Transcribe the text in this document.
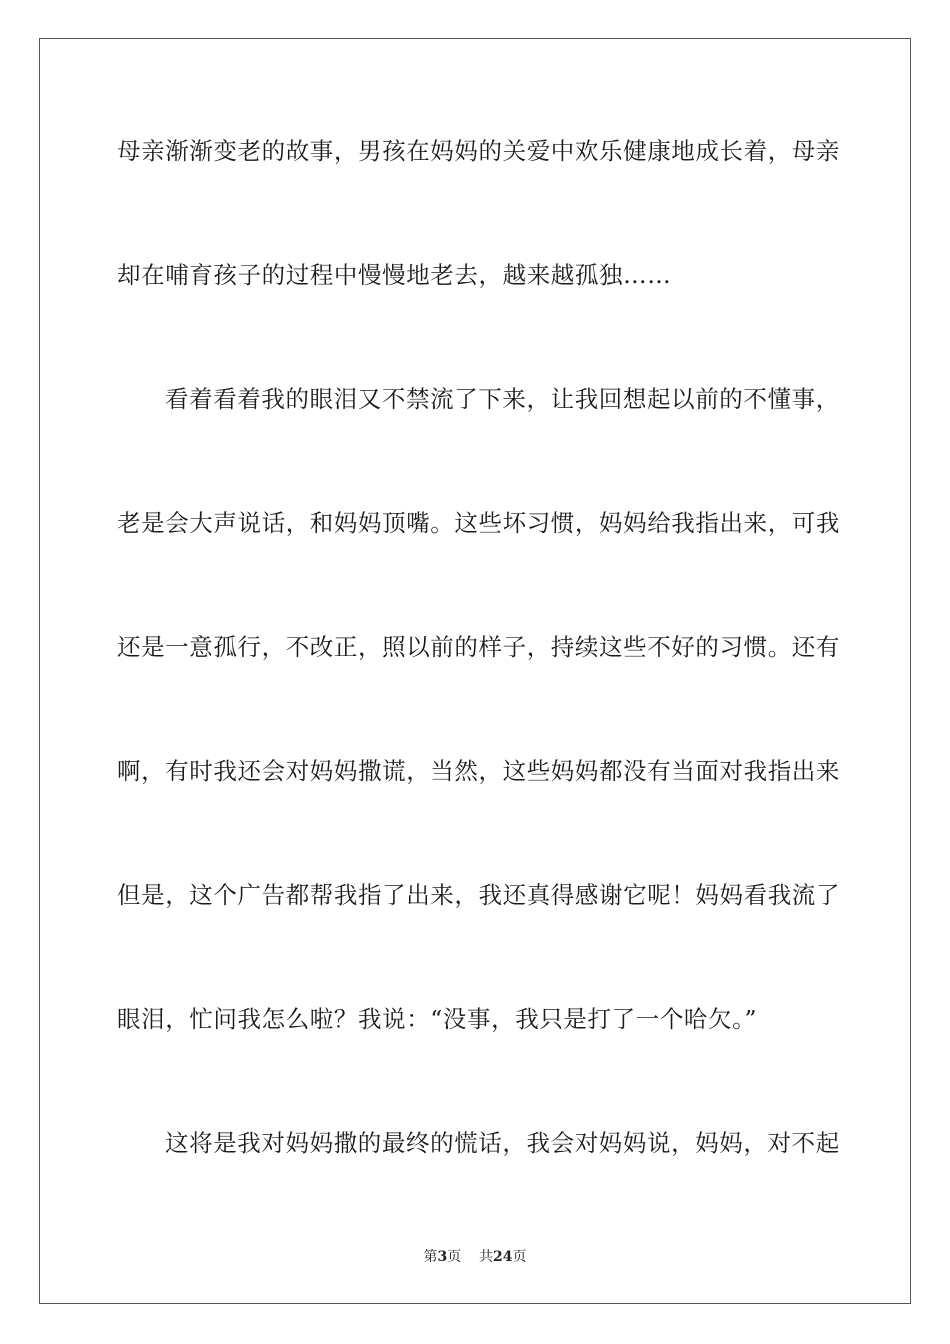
母亲渐渐变老的故事，男孩在妈妈的关爱中欢乐健康地成长着，母亲
却在哺育孩子的过程中慢慢地老去，越来越孤独……
看着看着我的眼泪又不禁流了下来，让我回想起以前的不懂事，
老是会大声说话，和妈妈顶嘴。这些坏习惯，妈妈给我指出来，可我
还是一意孤行，不改正，照以前的样子，持续这些不好的习惯。还有
啊，有时我还会对妈妈撒谎，当然，这些妈妈都没有当面对我指出来
但是，这个广告都帮我指了出来，我还真得感谢它呢！妈妈看我流了
眼泪，忙问我怎么啦？我说：“没事，我只是打了一个哈欠。”
这将是我对妈妈撒的最终的慌话，我会对妈妈说，妈妈，对不起
第3页 共24页
